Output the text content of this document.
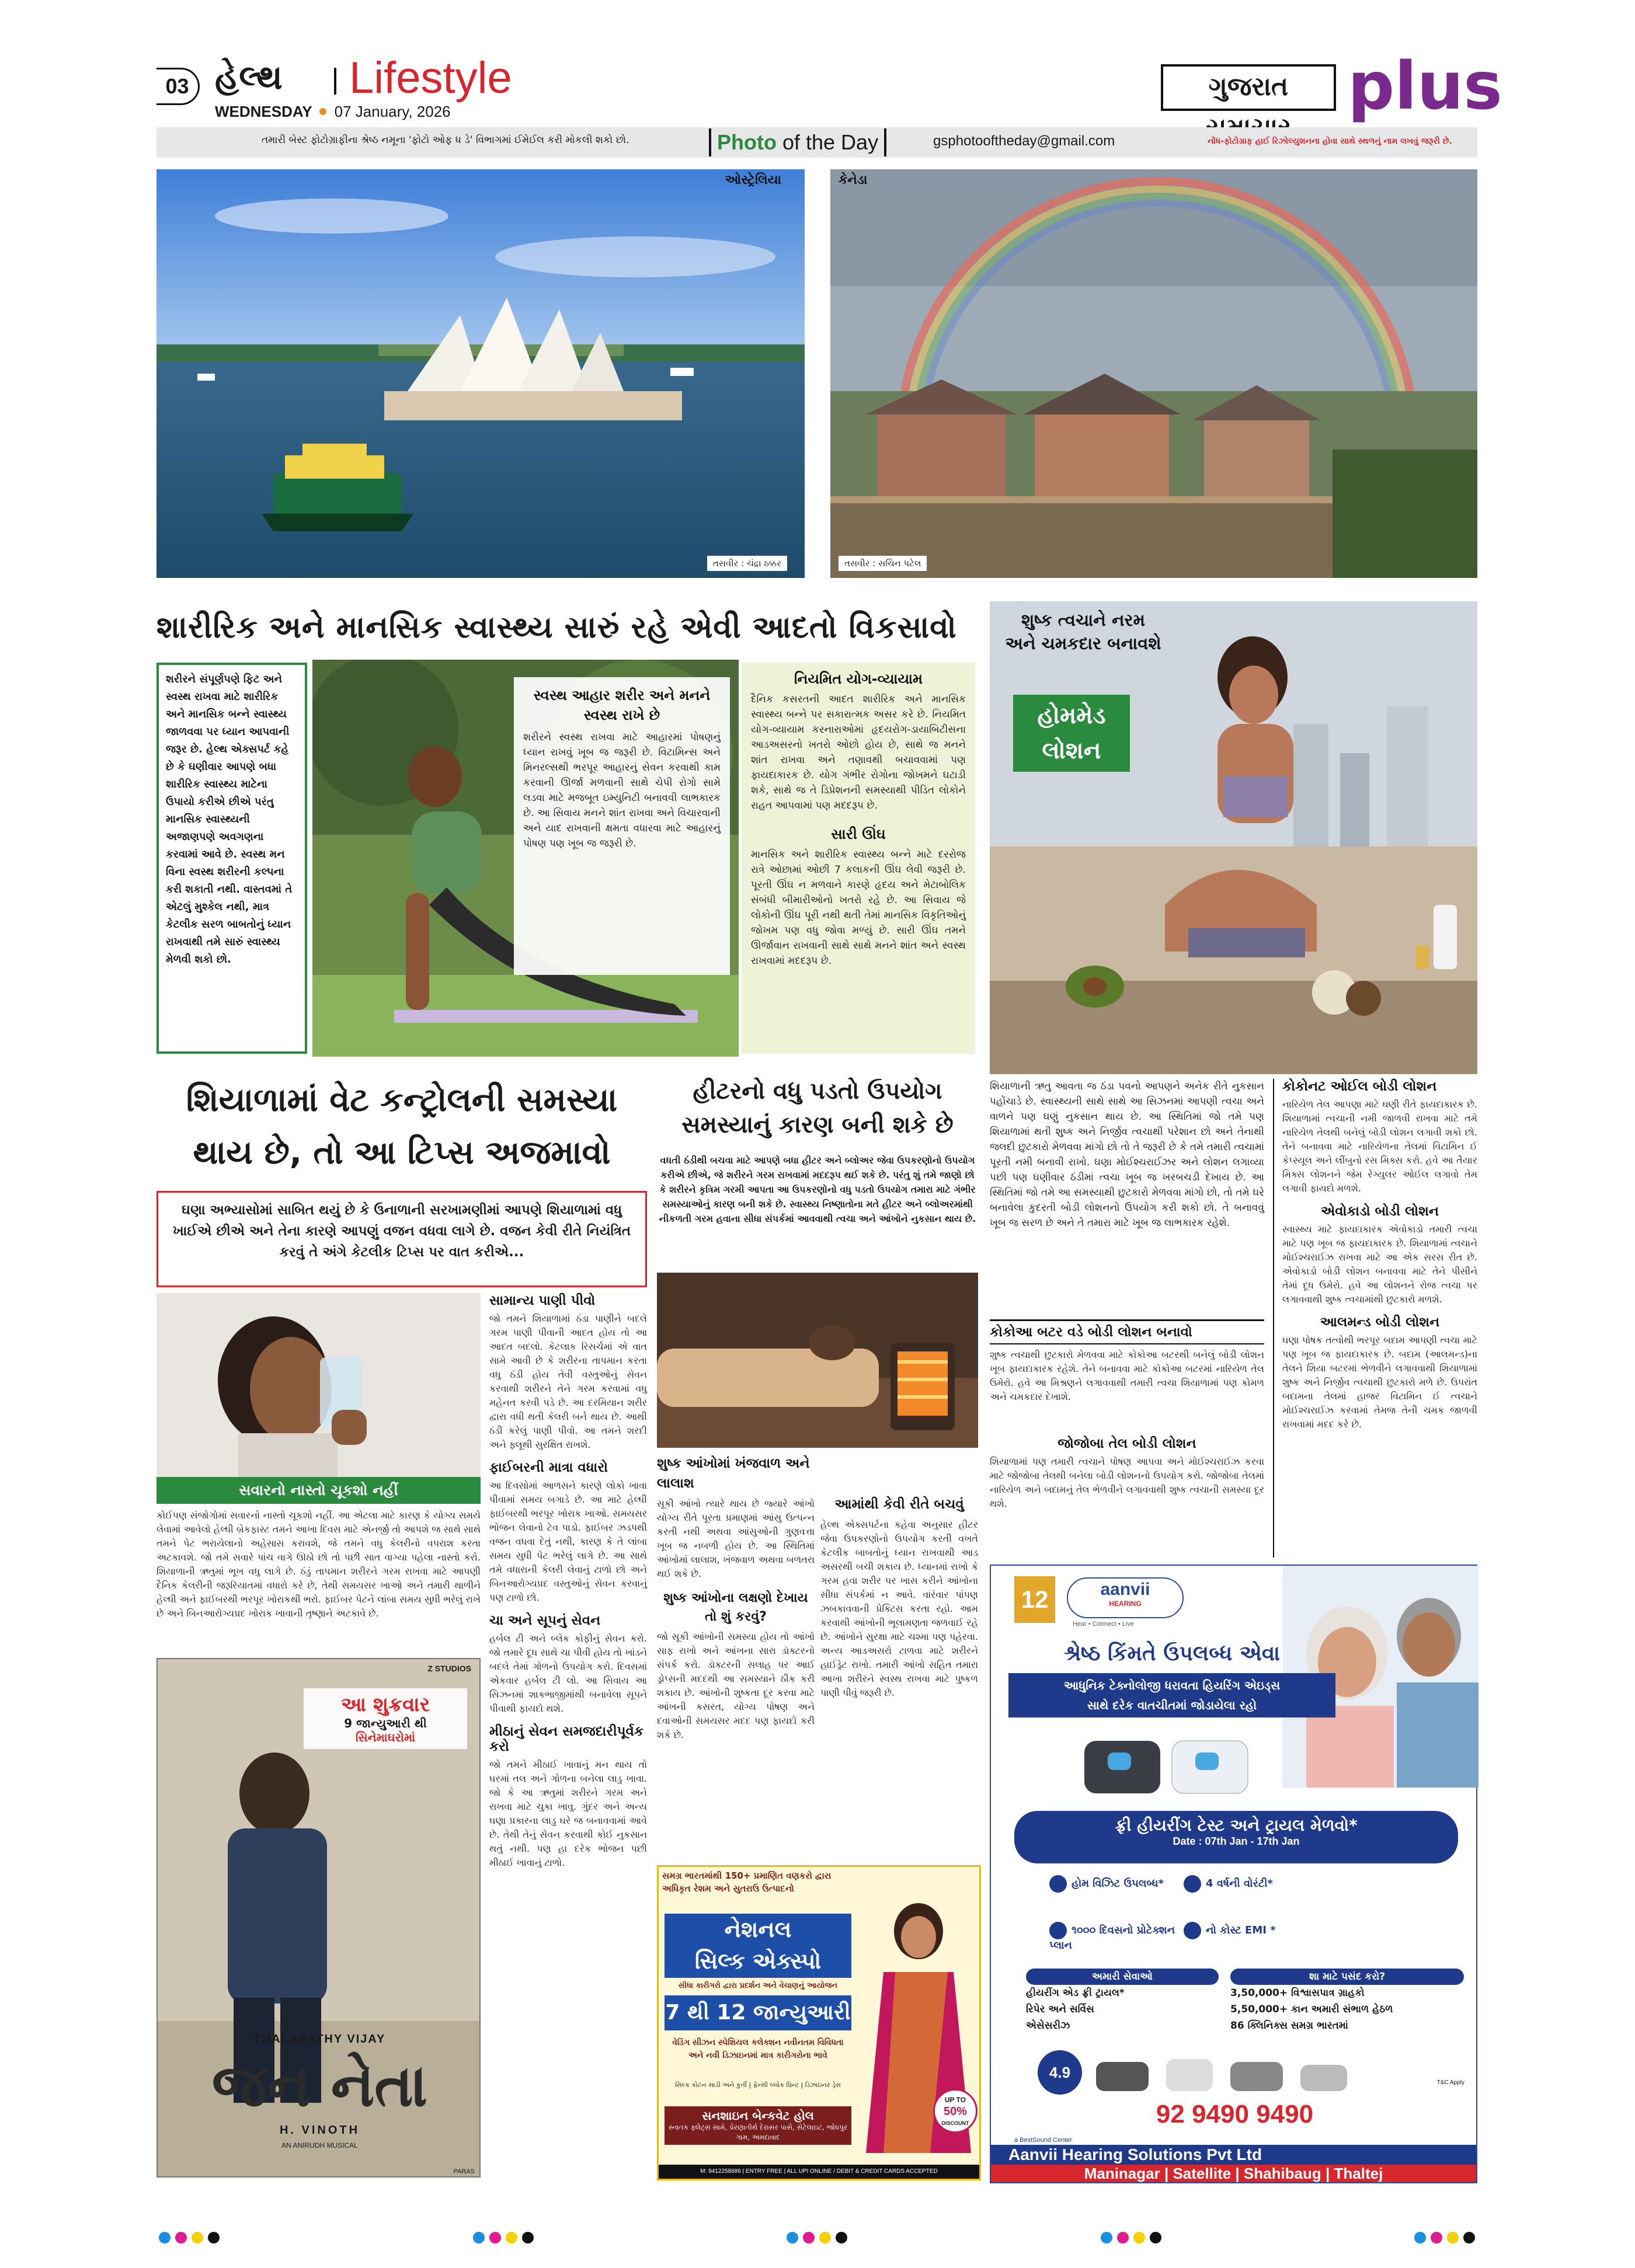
03 હેલ્થ Lifestyle
WEDNESDAY 07 January, 2026
ગુજરાત plus
તમારી બેસ્ટ ફોટોગ્રાફીના શ્રેષ્ઠ નમૂના 'ફોટો ઓફ ધ ડે' વિભાગમાં ઈમેઈલ કરી મોકલી શકો છો.	Photo of the Day	gsphotooftheday@gmail.com	નોંધ-ફોટોગ્રાફ હાઈ રિઝોલ્યુશનના હોવા સાથે સ્થળનું નામ લખવું જરૂરી છે.
ઓસ્ટ્રેલિયા
તસવીર : ચંદ્રા ઠક્કર
કેનેડા
તસવીર : સચિન પટેલ
શારીરિક અને માનસિક સ્વાસ્થ્ય સારું રહે એવી આદતો વિકસાવો
શરીરને સંપૂર્ણપણે ફિટ અને સ્વસ્થ રાખવા માટે શારીરિક અને માનસિક બન્ને સ્વાસ્થ્ય જાળવવા પર ધ્યાન આપવાની જરૂર છે. હેલ્થ એક્સપર્ટ કહે છે કે ઘણીવાર આપણે બધા શારીરિક સ્વાસ્થ્ય માટેના ઉપાયો કરીએ છીએ પરંતુ માનસિક સ્વાસ્થ્યની અજાણપણે અવગણના કરવામાં આવે છે. સ્વસ્થ મન વિના સ્વસ્થ શરીરની કલ્પના કરી શકાતી નથી. વાસ્તવમાં તે એટલું મુશ્કેલ નથી, માત્ર કેટલીક સરળ બાબતોનું ધ્યાન રાખવાથી તમે સારું સ્વાસ્થ્ય મેળવી શકો છો.
સ્વસ્થ આહાર શરીર અને મનને સ્વસ્થ રાખે છે
શરીરને સ્વસ્થ રાખવા માટે આહારમાં પોષણનું ધ્યાન રાખવું ખૂબ જ જરૂરી છે. વિટામિન્સ અને મિનરલ્સથી ભરપૂર આહારનું સેવન કરવાથી કામ કરવાની ઊર્જા મળવાની સાથે ચેપી રોગો સામે લડવા માટે મજબૂત ઇમ્યુનિટી બનાવવી લાભકારક છે. આ સિવાય મનને શાંત રાખવા અને વિચારવાની અને યાદ રાખવાની ક્ષમતા વધારવા માટે આહારનું પોષણ પણ ખૂબ જ જરૂરી છે.
નિયમિત યોગ-વ્યાયામ
દૈનિક કસરતની આદત શારીરિક અને માનસિક સ્વાસ્થ્ય બન્ને પર સકારાત્મક અસર કરે છે. નિયમિત યોગ-વ્યાયામ કરનારાઓમાં હૃદયરોગ-ડાયાબિટીસના આડઅસરનો ખતરો ઓછો હોય છે, સાથે જ મનને શાંત રાખવા અને તણાવથી બચાવવામાં પણ ફાયદાકારક છે. યોગ ગંભીર રોગોના જોખમને ઘટાડી શકે, સાથે જ તે ડિપ્રેશનની સમસ્યાથી પીડિત લોકોને રાહત આપવામાં પણ મદદરૂપ છે.
સારી ઊંઘ
માનસિક અને શારીરિક સ્વાસ્થ્ય બન્ને માટે દરરોજ રાત્રે ઓછામાં ઓછી 7 કલાકની ઊંઘ લેવી જરૂરી છે. પૂરતી ઊંઘ ન મળવાને કારણે હૃદય અને મેટાબોલિક સંબંધી બીમારીઓનો ખતરો રહે છે. આ સિવાય જે લોકોની ઊંઘ પૂરી નથી થતી તેમાં માનસિક વિકૃતિઓનું જોખમ પણ વધુ જોવા મળ્યું છે. સારી ઊંઘ તમને ઊર્જાવાન રાખવાની સાથે સાથે મનને શાંત અને સ્વસ્થ રાખવામાં મદદરૂપ છે.
શુષ્ક ત્વચાને નરમ
અને ચમકદાર બનાવશે
હોમમેડ
લોશન
શિયાળાની ઋતુ આવતા જ ઠંડા પવનો આપણને અનેક રીતે નુકસાન પહોંચાડે છે. સ્વાસ્થ્યની સાથે સાથે આ સિઝનમાં આપણી ત્વચા અને વાળને પણ ઘણું નુકસાન થાય છે. આ સ્થિતિમાં જો તમે પણ શિયાળામાં થતી શુષ્ક અને નિર્જીવ ત્વચાથી પરેશાન છો અને તેનાથી જલદી છુટકારો મેળવવા માંગો છો તો તે જરૂરી છે કે તમે તમારી ત્વચામાં પૂરતી નમી બનાવી રાખો. ઘણા મોઈશ્ચરાઈઝર અને લોશન લગાવ્યા પછી પણ ઘણીવાર ઠંડીમાં ત્વચા ખૂબ જ ખરબચડી દેખાય છે. આ સ્થિતિમાં જો તમે આ સમસ્યાથી છુટકારો મેળવવા માંગો છો, તો તમે ઘરે બનાવેલા કુદરતી બોડી લોશનનો ઉપયોગ કરી શકો છો. તે બનાવવું ખૂબ જ સરળ છે અને તે તમારા માટે ખૂબ જ લાભકારક રહેશે.
કોકોઆ બટર વડે બોડી લોશન બનાવો
શુષ્ક ત્વચાથી છુટકારો મેળવવા માટે કોકોઆ બટરથી બનેલું બોડી લોશન ખૂબ ફાયદાકારક રહેશે. તેને બનાવવા માટે કોકોઆ બટરમાં નારિયેળ તેલ ઉમેરો. હવે આ મિશ્રણને લગાવવાથી તમારી ત્વચા શિયાળામાં પણ કોમળ અને ચમકદાર દેખાશે.
જોજોબા તેલ બોડી લોશન
શિયાળામાં પણ તમારી ત્વચાને પોષણ આપવા અને મોઈશ્ચરાઈઝ કરવા માટે જોજોબા તેલથી બનેલા બોડી લોશનનો ઉપયોગ કરો. જોજોબા તેલમાં નારિયેળ અને બદામનું તેલ ભેળવીને લગાવવાથી શુષ્ક ત્વચાની સમસ્યા દૂર થશે.
કોકોનટ ઓઈલ બોડી લોશન
નારિયેળ તેલ આપણા માટે ઘણી રીતે ફાયદાકારક છે. શિયાળામાં ત્વચાની નમી જાળવી રાખવા માટે તમે નારિયેળ તેલથી બનેલું બોડી લોશન લગાવી શકો છો. તેને બનાવવા માટે નારિયેળના તેલમાં વિટામિન ઈ કેપ્સ્યૂલ અને લીંબુનો રસ મિક્સ કરો. હવે આ તૈયાર મિક્સ લોશનને જેમ રેગ્યુલર ઓઈલ લગાવો તેમ લગાવી ફાયદો મળશે.
એવોકાડો બોડી લોશન
સ્વાસ્થ્ય માટે ફાયદાકારક એવોકાડો તમારી ત્વચા માટે પણ ખૂબ જ ફાયદાકારક છે. શિયાળામાં ત્વચાને મોઈશ્ચરાઈઝ રાખવા માટે આ એક સરસ રીત છે. એવોકાડો બોડી લોશન બનાવવા માટે તેને પીસીને તેમાં દૂધ ઉમેરો. હવે આ લોશનને રોજ ત્વચા પર લગાવવાથી શુષ્ક ત્વચામાંથી છુટકારો મળશે.
આલમન્ડ બોડી લોશન
ઘણા પોષક તત્વોથી ભરપૂર બદામ આપણી ત્વચા માટે પણ ખૂબ જ ફાયદાકારક છે. બદામ (આલમન્ડ)ના તેલને શિયા બટરમાં ભેળવીને લગાવવાથી શિયાળામાં શુષ્ક અને નિર્જીવ ત્વચાથી છુટકારો મળે છે. ઉપરાંત બદામના તેલમાં હાજર વિટામિન ઈ ત્વચાને મોઈશ્ચરાઈઝ કરવામાં તેમજ તેની ચમક જાળવી રાખવામાં મદદ કરે છે.
શિયાળામાં વેટ કન્ટ્રોલની સમસ્યા
થાય છે, તો આ ટિપ્સ અજમાવો
ઘણા અભ્યાસોમાં સાબિત થયું છે કે ઉનાળાની સરખામણીમાં આપણે શિયાળામાં વધુ ખાઈએ છીએ અને તેના કારણે આપણું વજન વધવા લાગે છે. વજન કેવી રીતે નિયંત્રિત કરવું તે અંગે કેટલીક ટિપ્સ પર વાત કરીએ...
સવારનો નાસ્તો ચૂકશો નહીં
કોઈપણ સંજોગોમાં સવારનો નાસ્તો ચૂકશો નહીં. આ એટલા માટે કારણ કે યોગ્ય સમયે લેવામાં આવેલો હેલ્ધી બ્રેકફાસ્ટ તમને આખા દિવસ માટે એનર્જી તો આપશે જ સાથે સાથે તમને પેટ ભરાયેલાનો અહેસાસ કરાવશે, જે તમને વધુ કેલરીનો વપરાશ કરતા અટકાવશે. જો તમે સવારે પાંચ વાગે ઊઠો છો તો પછી સાત વાગ્યા પહેલા નાસ્તો કરો. શિયાળાની ઋતુમાં ભૂખ વધુ લાગે છે. ઠંડું તાપમાન શરીરને ગરમ રાખવા માટે આપણી દૈનિક કેલરીની જરૂરિયાતમાં વધારો કરે છે, તેથી સમયસર ખાઓ અને તમારી થાળીને હેલ્ધી અને ફાઈબરથી ભરપૂર ખોરાકથી ભરો. ફાઈબર પેટને લાંબા સમય સુધી ભરેલું રાખે છે અને બિનઆરોગ્યપ્રદ ખોરાક ખાવાની તૃષ્ણાને અટકાવે છે.
સામાન્ય પાણી પીવો
જો તમને શિયાળામાં ઠંડા પાણીને બદલે ગરમ પાણી પીવાની આદત હોય તો આ આદત બદલો. કેટલાક રિસર્ચમાં એ વાત સામે આવી છે કે શરીરના તાપમાન કરતા વધુ ઠંડી હોય તેવી વસ્તુઓનું સેવન કરવાથી શરીરને તેને ગરમ કરવામાં વધુ મહેનત કરવી પડે છે. આ દરમિયાન શરીર દ્વારા વધી થતી કેલરી બર્ન થાય છે. આથી ઠંડી કરેલું પાણી પીવો. આ તમને શરદી અને ફ્લૂથી સુરક્ષિત રાખશે.
ફાઈબરની માત્રા વધારો
આ દિવસોમાં આળસને કારણે લોકો ખાવા પીવામાં સમય બગાડે છે. આ માટે હેલ્ધી ફાઈબરથી ભરપૂર ખોરાક ખાઓ. સમયસર ભોજન લેવાનો ટેવ પાડો. ફાઈબર ઝડપથી વજન વધવા દેતું નથી, કારણ કે તે લાંબા સમય સુધી પેટ ભરેલું લાગે છે. આ સાથે તમે વધારાની કેલરી લેવાનું ટાળો છો અને બિનઆરોગ્યપ્રદ વસ્તુઓનું સેવન કરવાનું પણ ટાળો છો.
ચા અને સૂપનું સેવન
હર્બલ ટી અને બ્લેક કોફીનું સેવન કરો. જો તમારે દૂધ સાથે ચા પીવી હોય તો ખાંડને બદલે તેમાં ગોળનો ઉપયોગ કરો. દિવસમાં એકવાર હર્બલ ટી લો. આ સિવાય આ સિઝનમાં શાકભાજીમાંથી બનાવેલા સૂપને પીવાથી ફાયદો થશે.
મીઠાનું સેવન સમજદારીપૂર્વક કરો
જો તમને મીઠાઈ ખાવાનું મન થાય તો ઘરમાં તલ અને ગોળના બનેલા લાડુ ખાવા. જો કે આ ઋતુમાં શરીરને ગરમ અને રાખવા માટે ચુકા ખાવુ. ગુંદર અને અન્ય ઘણા પ્રકારના લાડુ ઘરે જ બનાવવામાં આવે છે. તેથી તેનું સેવન કરવાથી કોઈ નુકસાન થતું નથી. પણ હા દરેક ભોજન પછી મીઠાઈ ખાવાનું ટાળો.
Z STUDIOS
આ શુક્રવાર
9 જાન્યુઆરી થી
સિનેમાઘરોમાં
THALAPATHY VIJAY
જન નેતા
H. VINOTH
AN ANIRUDH MUSICAL
PARAS
હીટરનો વધુ પડતો ઉપયોગ
સમસ્યાનું કારણ બની શકે છે
વધતી ઠંડીથી બચવા માટે આપણે બધા હીટર અને બ્લોઅર જેવા ઉપકરણોનો ઉપયોગ કરીએ છીએ, જે શરીરને ગરમ રાખવામાં મદદરૂપ થઈ શકે છે. પરંતુ શું તમે જાણો છો કે શરીરને કૃત્રિમ ગરમી આપતા આ ઉપકરણોનો વધુ પડતો ઉપયોગ તમારા માટે ગંભીર સમસ્યાઓનું કારણ બની શકે છે. સ્વાસ્થ્ય નિષ્ણાતોના મતે હીટર અને બ્લોઅરમાંથી નીકળતી ગરમ હવાના સીધા સંપર્કમાં આવવાથી ત્વચા અને આંખોને નુકસાન થાય છે.
શુષ્ક આંખોમાં ખંજવાળ અને લાલાશ
સૂકી આંખો ત્યારે થાય છે જ્યારે આંખો યોગ્ય રીતે પૂરતા પ્રમાણમાં આંસુ ઉત્પન્ન કરતી નથી અથવા આંસુઓની ગુણવત્તા ખૂબ જ નબળી હોય છે. આ સ્થિતિમાં આંખોમાં લાલાશ, ખંજવાળ અથવા બળતરા થઈ શકે છે.
શુષ્ક આંખોના લક્ષણો દેખાય તો શું કરવું?
જો સૂકી આંખોની સમસ્યા હોય તો આંખો સાફ રાખો અને આંખના સારા ડૉક્ટરનો સંપર્ક કરો. ડૉક્ટરની સલાહ પર આઈ ડ્રોપ્સની મદદથી આ સમસ્યાને ઠીક કરી શકાય છે. આંખોની શુષ્કતા દૂર કરવા માટે આંખની કસરત, યોગ્ય પોષણ અને દવાઓની સમયસર મદદ પણ ફાયદો કરી શકે છે.
આમાંથી કેવી રીતે બચવું
હેલ્થ એક્સપર્ટના કહેવા અનુસાર હીટર જેવા ઉપકરણોનો ઉપયોગ કરતી વખતે કેટલીક બાબતોનું ધ્યાન રાખવાથી આડ અસરથી બચી શકાય છે. ધ્યાનમાં રાખો કે ગરમ હવા શરીર પર ખાસ કરીને આંખોના સીધા સંપર્કમાં ન આવે. વારંવાર પાંપણ ઝબકાવવાની પ્રેક્ટિસ કરતા રહો. આમ કરવાથી આંખોની ભૂલામણતા જળવાઈ રહે છે. આંખોને સુરક્ષા માટે ચશ્મા પણ પહેરવા. અન્ય આડઅસરો ટાળવા માટે શરીરને હાઈડ્રેટ રાખો. તમારી આંખો સહિત તમારા આખા શરીરને સ્વસ્થ રાખવા માટે પુષ્કળ પાણી પીવું જરૂરી છે.
સમગ્ર ભારતમાંથી 150+ પ્રમાણિત વણકરો દ્વારા અધિકૃત રેશમ અને સુતરાઉ ઉત્પાદનો
નેશનલ
સિલ્ક એક્સ્પો
સીધા કારીગરો દ્વારા પ્રદર્શન અને વેચાણનું આયોજન
7 થી 12 જાન્યુઆરી
વેડિંગ સીઝન સ્પેશિયલ કલેક્શન નવીનતમ વિવિધતા અને નવી ડિઝાઇનમાં માત્ર કારીગરોના ભાવે
સિલ્ક કોટન સાડી અને કુર્તી | ફેન્સી બ્લોક પ્રિન્ટ | ડિઝાઇનર ડ્રેસ
સનશાઇન બેન્કવેટ હોલ
સ્નાતક ફ્લેટ્સ સામે, પ્રેરણાતીર્થ દેરાસર પાસે, સેટેલાઇટ, જોધપુર ગામ, અમદાવાદ
UP TO
50%
DISCOUNT
M: 9412258686 | ENTRY FREE | ALL UPI ONLINE / DEBIT & CREDIT CARDS ACCEPTED
12	aanvii
HEARING
Hear • Connect • Live
શ્રેષ્ઠ કિંમતે ઉપલબ્ધ એવા
આધુનિક ટેક્નોલોજી ધરાવતા હિયરિંગ એઇડ્સ
સાથે દરેક વાતચીતમાં જોડાયેલા રહો
ફ્રી હીયરીંગ ટેસ્ટ અને ટ્રાયલ મેળવો*
Date : 07th Jan - 17th Jan
હોમ વિઝિટ ઉપલબ્ધ*	4 વર્ષની વોરંટી*
૧૦૦૦ દિવસનો પ્રોટેક્શન પ્લાન
નો કોસ્ટ EMI *
અમારી સેવાઓ
હીયરીંગ એડ ફ્રી ટ્રાયલ*
રિપેર અને સર્વિસ
એસેસરીઝ
શા માટે પસંદ કરો?
3,50,000+ વિશ્વાસપાત્ર ગ્રાહકો
5,50,000+ કાન અમારી સંભાળ હેઠળ
86 ક્લિનિક્સ સમગ્ર ભારતમાં
4.9
92 9490 9490
T&C Apply
a BestSound Center
Aanvii Hearing Solutions Pvt Ltd
Maninagar | Satellite | Shahibaug | Thaltej
